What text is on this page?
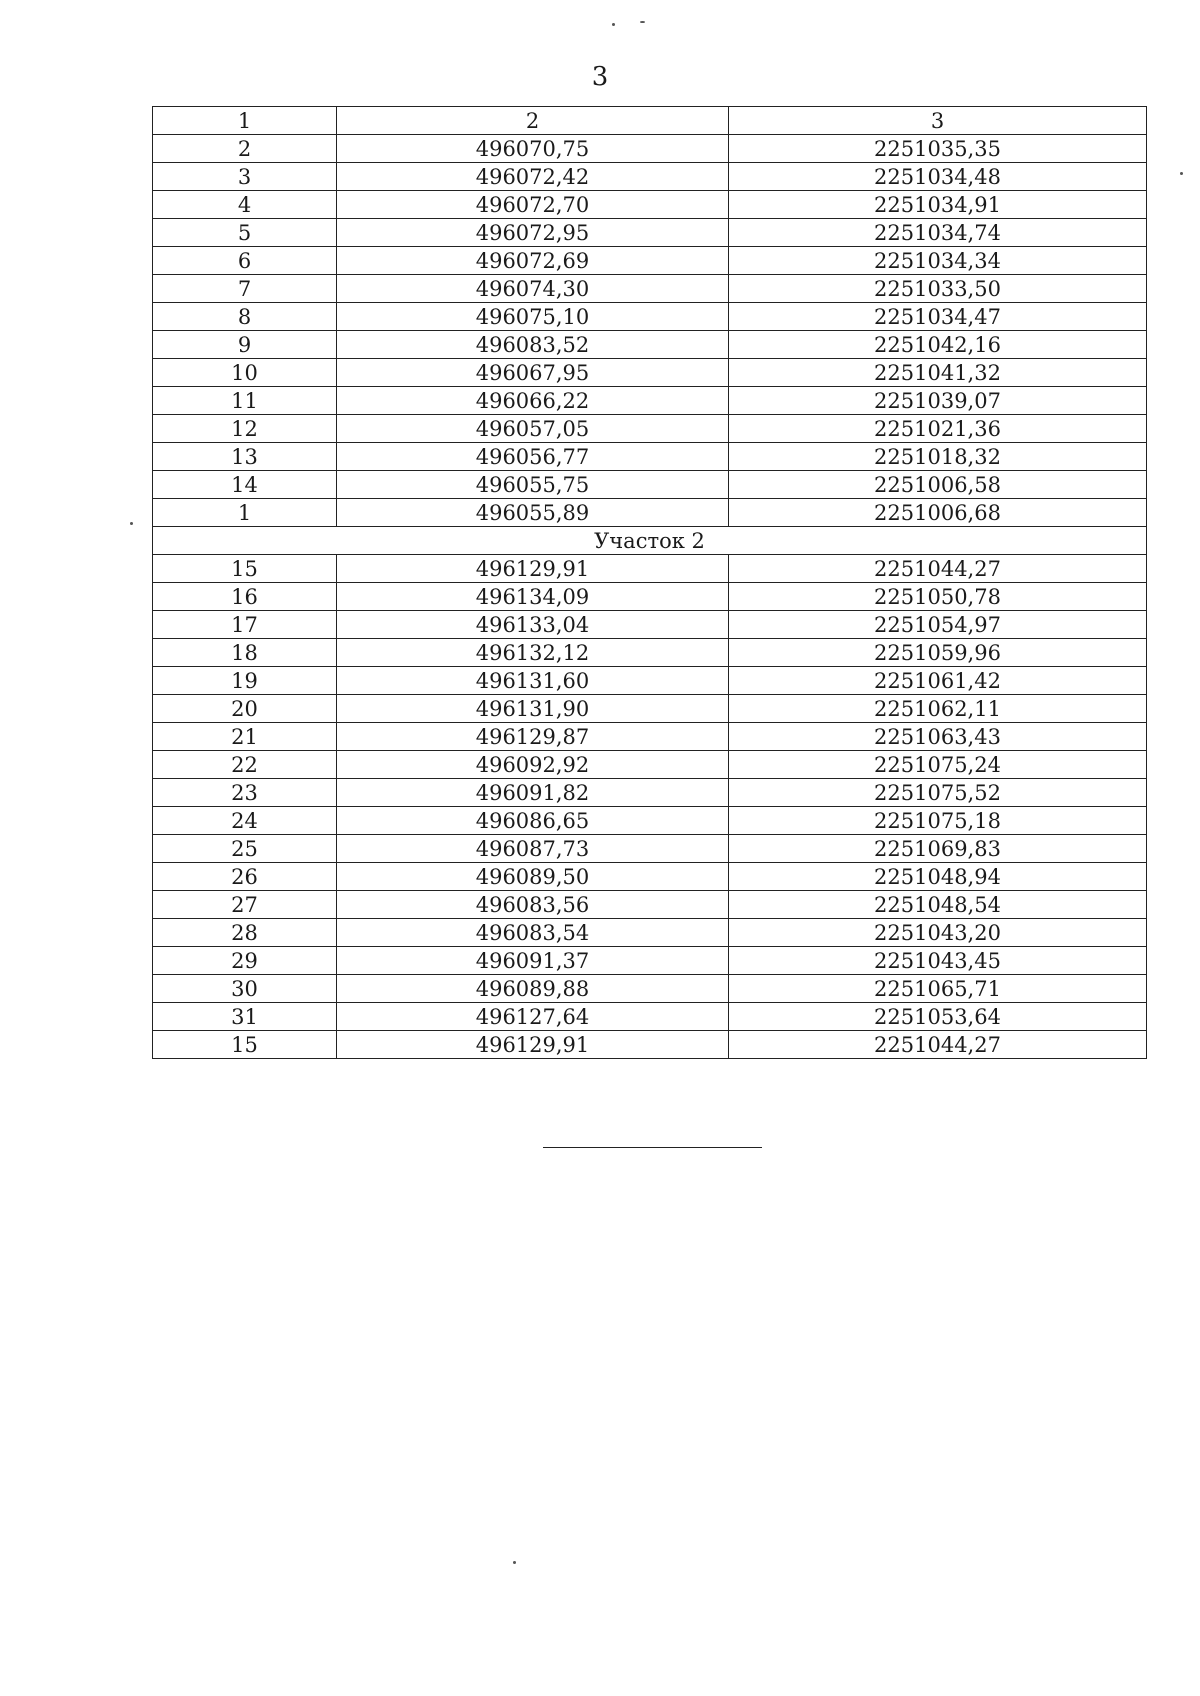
3
1	2	3
2	496070,75	2251035,35
3	496072,42	2251034,48
4	496072,70	2251034,91
5	496072,95	2251034,74
6	496072,69	2251034,34
7	496074,30	2251033,50
8	496075,10	2251034,47
9	496083,52	2251042,16
10	496067,95	2251041,32
11	496066,22	2251039,07
12	496057,05	2251021,36
13	496056,77	2251018,32
14	496055,75	2251006,58
1	496055,89	2251006,68
Участок 2		
15	496129,91	2251044,27
16	496134,09	2251050,78
17	496133,04	2251054,97
18	496132,12	2251059,96
19	496131,60	2251061,42
20	496131,90	2251062,11
21	496129,87	2251063,43
22	496092,92	2251075,24
23	496091,82	2251075,52
24	496086,65	2251075,18
25	496087,73	2251069,83
26	496089,50	2251048,94
27	496083,56	2251048,54
28	496083,54	2251043,20
29	496091,37	2251043,45
30	496089,88	2251065,71
31	496127,64	2251053,64
15	496129,91	2251044,27
